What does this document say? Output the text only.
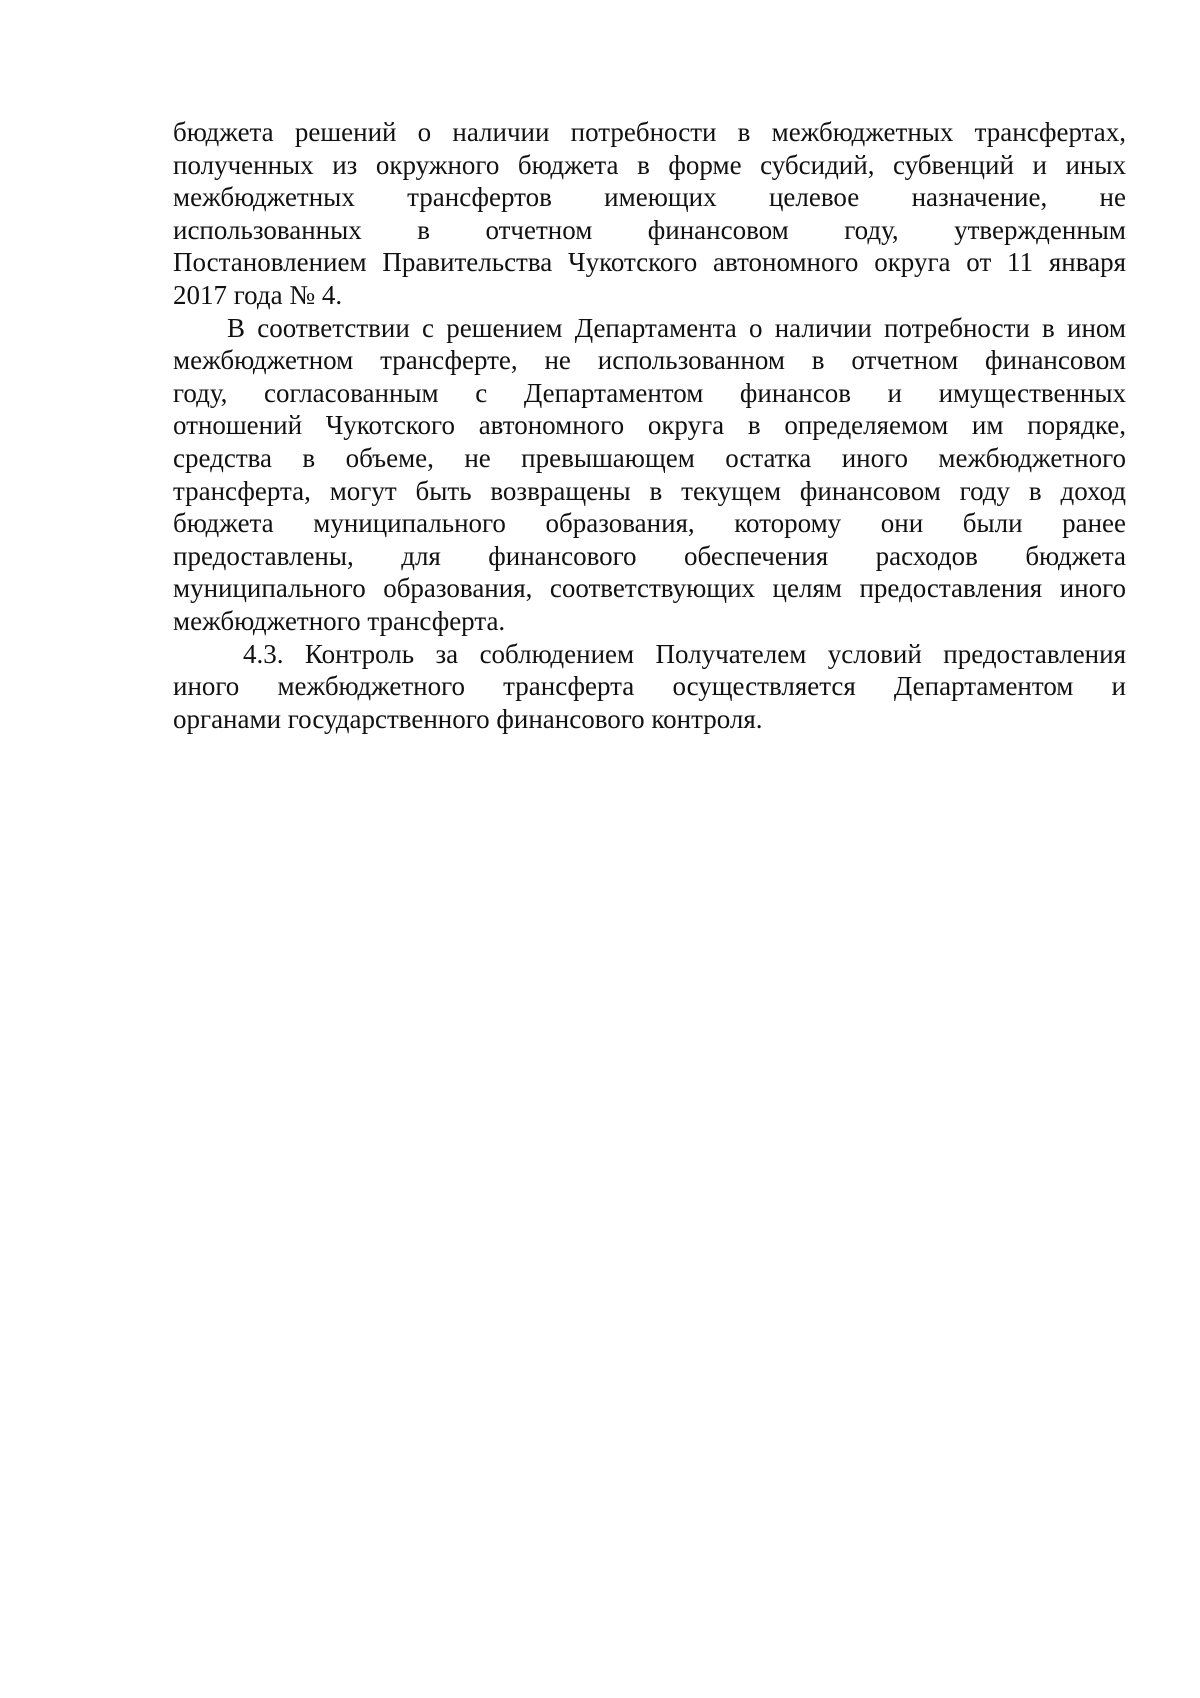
бюджета решений о наличии потребности в межбюджетных трансфертах,
полученных из окружного бюджета в форме субсидий, субвенций и иных
межбюджетных трансфертов имеющих целевое назначение, не
использованных в отчетном финансовом году, утвержденным
Постановлением Правительства Чукотского автономного округа от 11 января
2017 года № 4.
В соответствии с решением Департамента о наличии потребности в ином
межбюджетном трансферте, не использованном в отчетном финансовом
году, согласованным с Департаментом финансов и имущественных
отношений Чукотского автономного округа в определяемом им порядке,
средства в объеме, не превышающем остатка иного межбюджетного
трансферта, могут быть возвращены в текущем финансовом году в доход
бюджета муниципального образования, которому они были ранее
предоставлены, для финансового обеспечения расходов бюджета
муниципального образования, соответствующих целям предоставления иного
межбюджетного трансферта.
4.3. Контроль за соблюдением Получателем условий предоставления
иного межбюджетного трансферта осуществляется Департаментом и
органами государственного финансового контроля.
